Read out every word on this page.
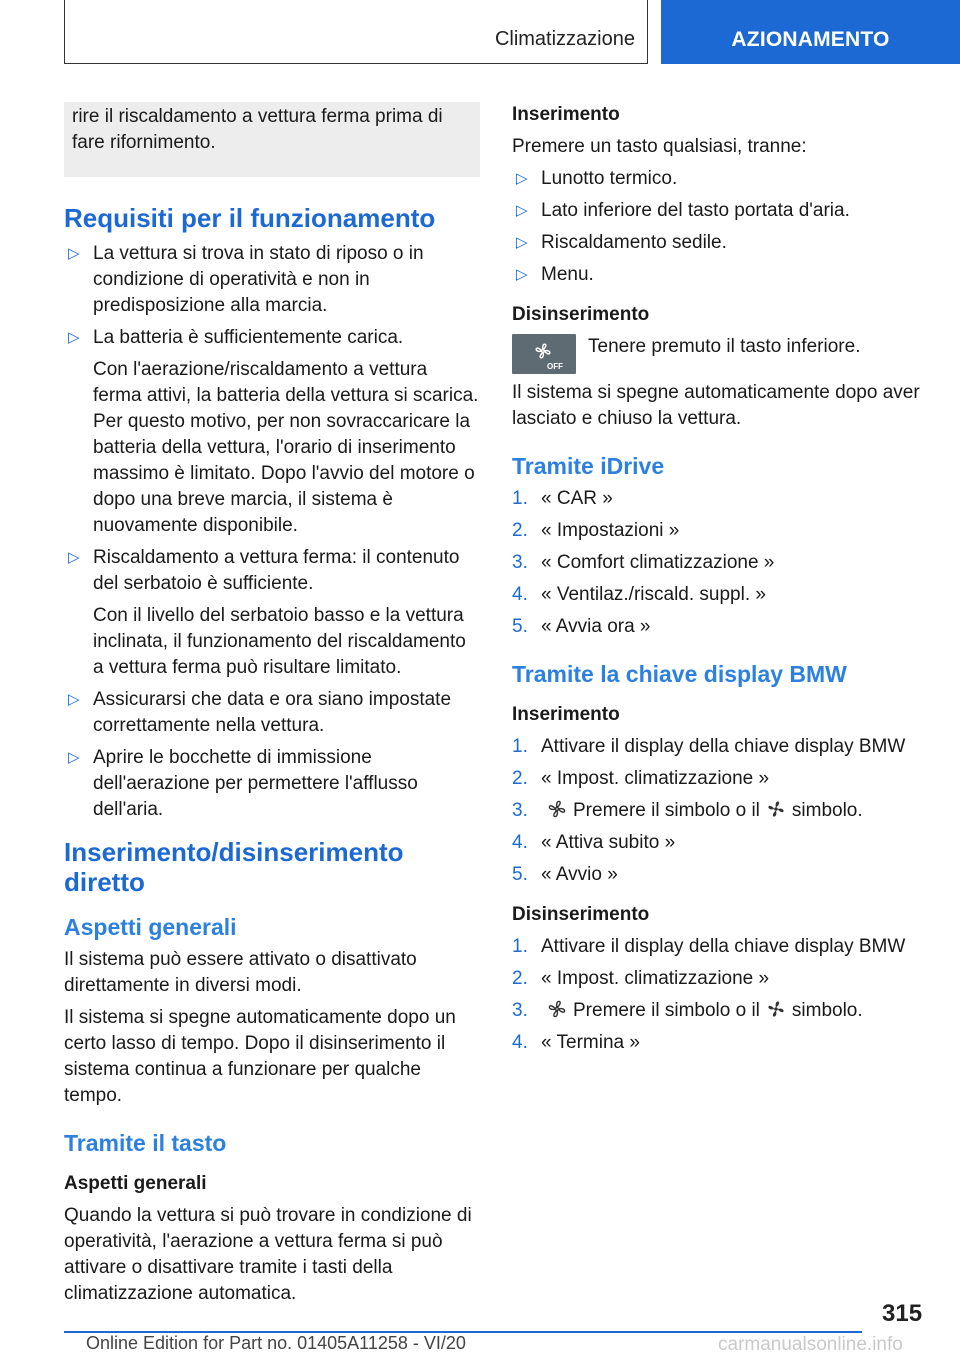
Climatizzazione	AZIONAMENTO
rire il riscaldamento a vettura ferma prima di fare rifornimento.
Requisiti per il funzionamento
▷ La vettura si trova in stato di riposo o in condizione di operatività e non in predisposizione alla marcia.
▷ La batteria è sufficientemente carica.

Con l'aerazione/riscaldamento a vettura ferma attivi, la batteria della vettura si scarica. Per questo motivo, per non sovraccaricare la batteria della vettura, l'orario di inserimento massimo è limitato. Dopo l'avvio del motore o dopo una breve marcia, il sistema è nuovamente disponibile.

▷ Riscaldamento a vettura ferma: il contenuto del serbatoio è sufficiente.

Con il livello del serbatoio basso e la vettura inclinata, il funzionamento del riscaldamento a vettura ferma può risultare limitato.

▷ Assicurarsi che data e ora siano impostate correttamente nella vettura.
▷ Aprire le bocchette di immissione dell'aerazione per permettere l'afflusso dell'aria.
Inserimento/disinserimento diretto
Aspetti generali

Il sistema può essere attivato o disattivato direttamente in diversi modi.

Il sistema si spegne automaticamente dopo un certo lasso di tempo. Dopo il disinserimento il sistema continua a funzionare per qualche tempo.

Tramite il tasto
Aspetti generali

Quando la vettura si può trovare in condizione di operatività, l'aerazione a vettura ferma si può attivare o disattivare tramite i tasti della climatizzazione automatica.

Inserimento

Premere un tasto qualsiasi, tranne:

▷ Lunotto termico.
▷ Lato inferiore del tasto portata d'aria.
▷ Riscaldamento sedile.
▷ Menu.
Disinserimento
OFF
Tenere premuto il tasto inferiore.

Il sistema si spegne automaticamente dopo aver lasciato e chiuso la vettura.

Tramite iDrive
1. « CAR »
2. « Impostazioni »
3. « Comfort climatizzazione »
4. « Ventilaz./riscald. suppl. »
5. « Avvia ora »
Tramite la chiave display BMW
Inserimento
1. Attivare il display della chiave display BMW
2. « Impost. climatizzazione »
3. Premere il simbolo o il simbolo.
4. « Attiva subito »
5. « Avvio »
Disinserimento
1. Attivare il display della chiave display BMW
2. « Impost. climatizzazione »
3. Premere il simbolo o il simbolo.
4. « Termina »
315
Online Edition for Part no. 01405A11258 - VI/20	carmanualsonline.info
